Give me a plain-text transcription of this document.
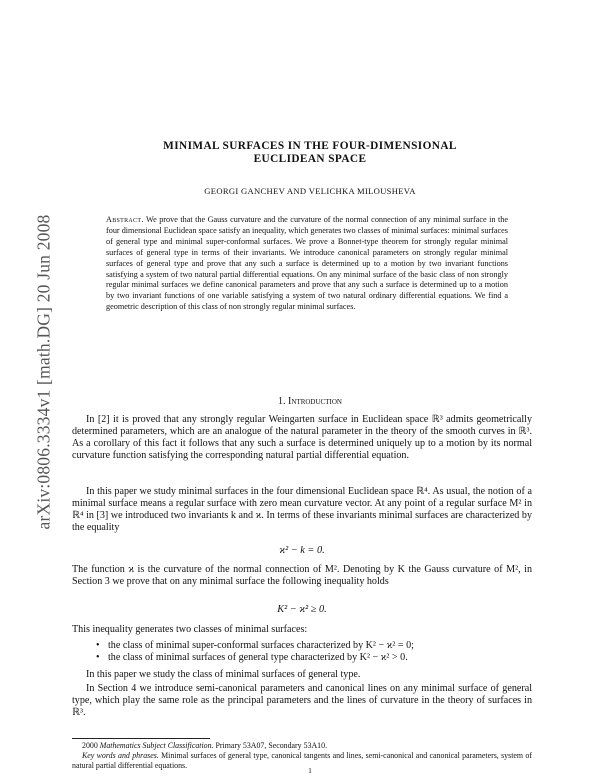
arXiv:0806.3334v1 [math.DG] 20 Jun 2008
MINIMAL SURFACES IN THE FOUR-DIMENSIONAL
EUCLIDEAN SPACE
GEORGI GANCHEV AND VELICHKA MILOUSHEVA
Abstract. We prove that the Gauss curvature and the curvature of the normal connection of any minimal surface in the four dimensional Euclidean space satisfy an inequality, which generates two classes of minimal surfaces: minimal surfaces of general type and minimal super-conformal surfaces. We prove a Bonnet-type theorem for strongly regular minimal surfaces of general type in terms of their invariants. We introduce canonical parameters on strongly regular minimal surfaces of general type and prove that any such a surface is determined up to a motion by two invariant functions satisfying a system of two natural partial differential equations. On any minimal surface of the basic class of non strongly regular minimal surfaces we define canonical parameters and prove that any such a surface is determined up to a motion by two invariant functions of one variable satisfying a system of two natural ordinary differential equations. We find a geometric description of this class of non strongly regular minimal surfaces.
1. Introduction

In [2] it is proved that any strongly regular Weingarten surface in Euclidean space ℝ³ admits geometrically determined parameters, which are an analogue of the natural parameter in the theory of the smooth curves in ℝ³. As a corollary of this fact it follows that any such a surface is determined uniquely up to a motion by its normal curvature function satisfying the corresponding natural partial differential equation.

In this paper we study minimal surfaces in the four dimensional Euclidean space ℝ⁴. As usual, the notion of a minimal surface means a regular surface with zero mean curvature vector. At any point of a regular surface M² in ℝ⁴ in [3] we introduced two invariants k and ϰ. In terms of these invariants minimal surfaces are characterized by the equality

ϰ² − k = 0.

The function ϰ is the curvature of the normal connection of M². Denoting by K the Gauss curvature of M², in Section 3 we prove that on any minimal surface the following inequality holds

K² − ϰ² ≥ 0.

This inequality generates two classes of minimal surfaces:

• the class of minimal super-conformal surfaces characterized by K² − ϰ² = 0;
• the class of minimal surfaces of general type characterized by K² − ϰ² > 0.

In this paper we study the class of minimal surfaces of general type.

In Section 4 we introduce semi-canonical parameters and canonical lines on any minimal surface of general type, which play the same role as the principal parameters and the lines of curvature in the theory of surfaces in ℝ³.

2000 Mathematics Subject Classification. Primary 53A07, Secondary 53A10.
Key words and phrases. Minimal surfaces of general type, canonical tangents and lines, semi-canonical and canonical parameters, system of natural partial differential equations.
1
